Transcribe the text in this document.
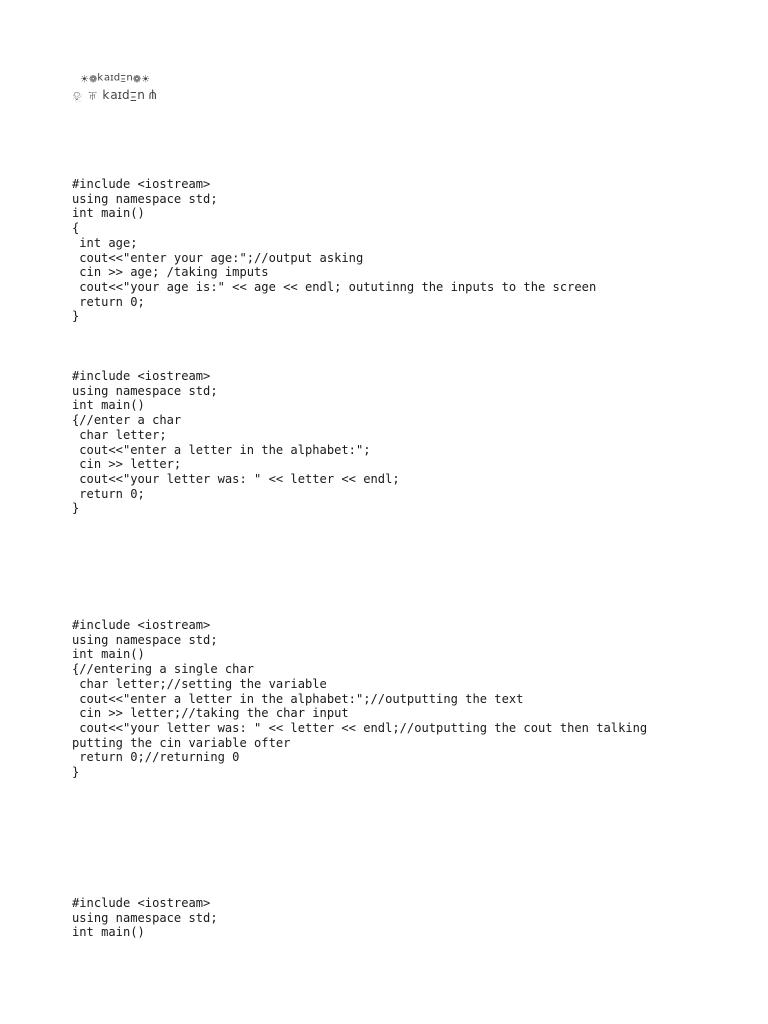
☀❁uΞpɪɐʞ❁☀
ψ uΞpɪɐʞ ㄓ ☃
#include <iostream>
using namespace std;
int main()
{
int age;
cout<<"enter your age:";//output asking
cin >> age; /taking imputs
cout<<"your age is:" << age << endl; oututinng the inputs to the screen
return 0;
}
#include <iostream>
using namespace std;
int main()
{//enter a char
char letter;
cout<<"enter a letter in the alphabet:";
cin >> letter;
cout<<"your letter was: " << letter << endl;
return 0;
}
#include <iostream>
using namespace std;
int main()
{//entering a single char
char letter;//setting the variable
cout<<"enter a letter in the alphabet:";//outputting the text
cin >> letter;//taking the char input
cout<<"your letter was: " << letter << endl;//outputting the cout then talking
putting the cin variable ofter
return 0;//returning 0
}
#include <iostream>
using namespace std;
int main()
